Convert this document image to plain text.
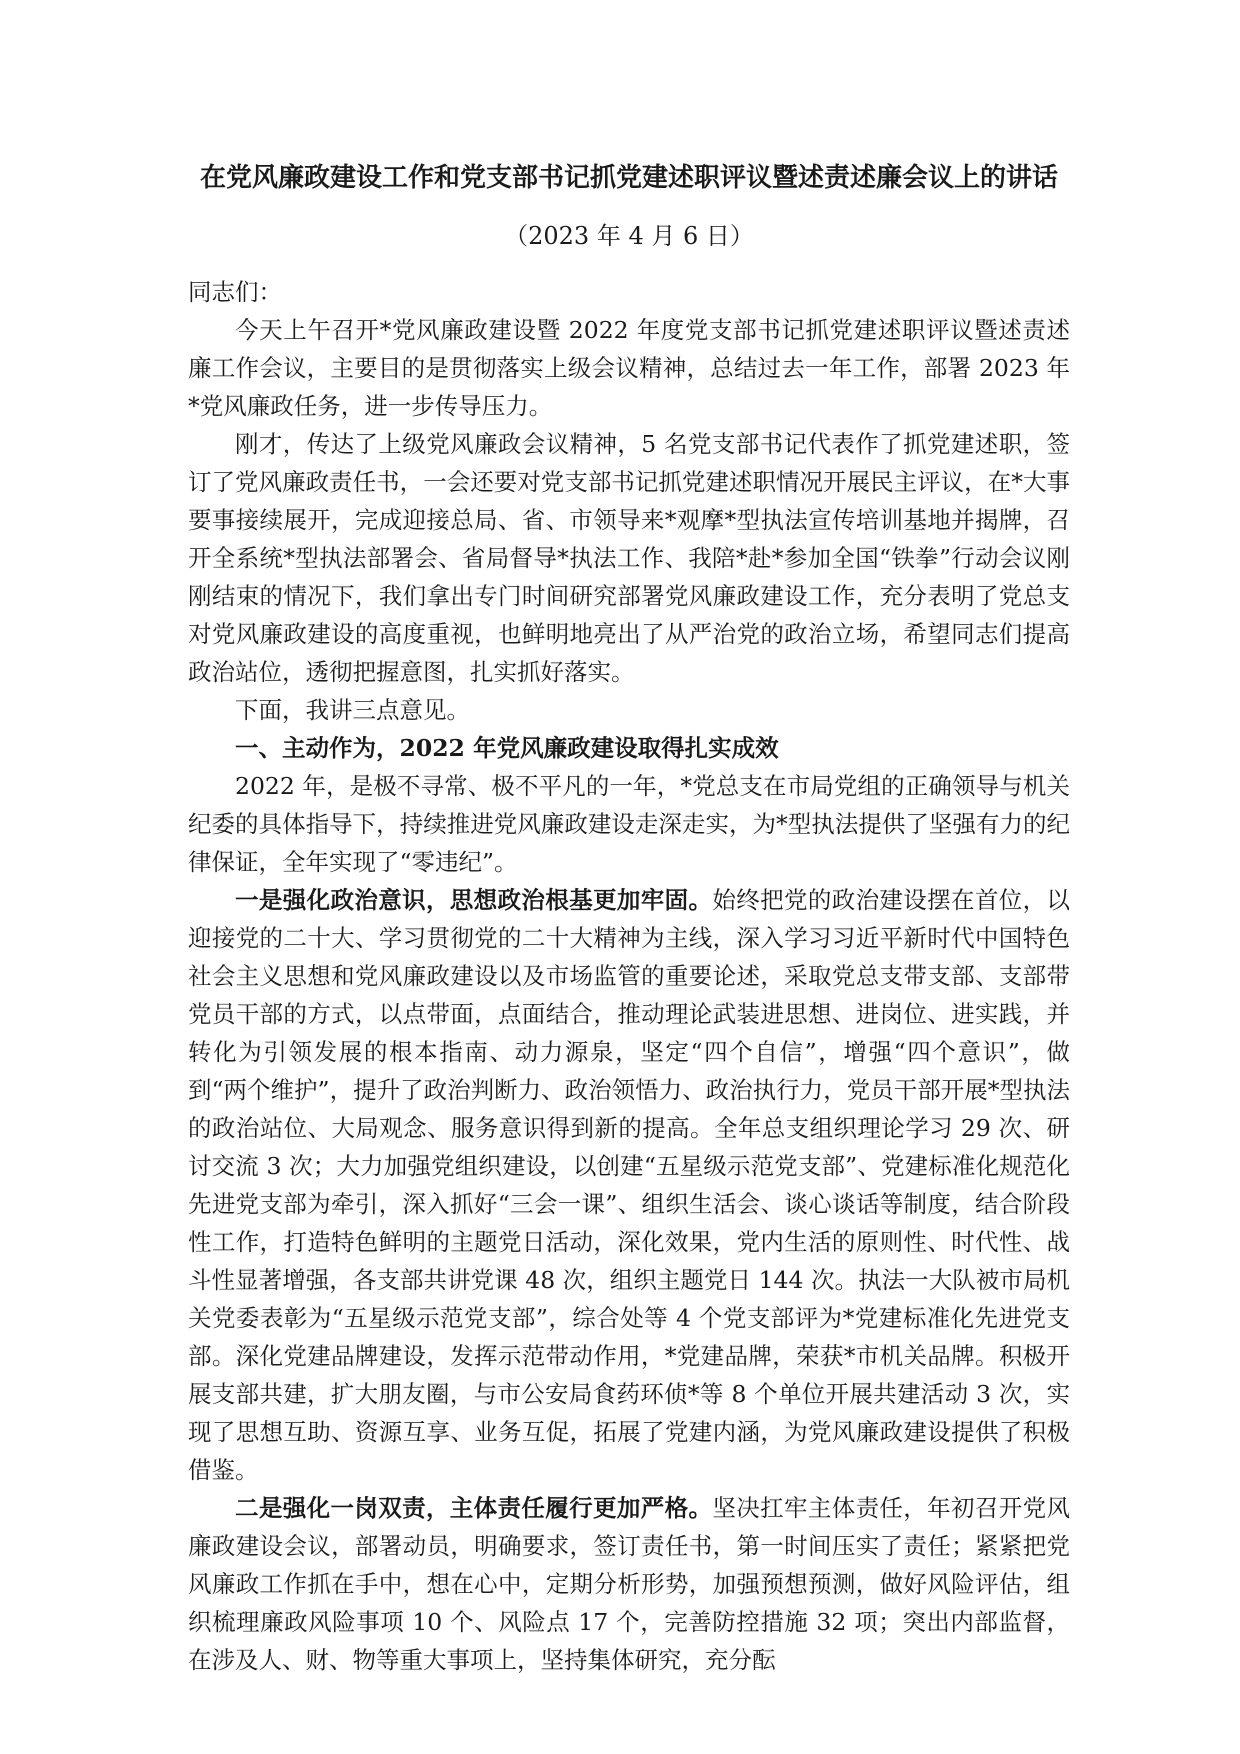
在党风廉政建设工作和党支部书记抓党建述职评议暨述责述廉会议上的讲话
（2023 年 4 月 6 日）

同志们：

今天上午召开*党风廉政建设暨 2022 年度党支部书记抓党建述职评议暨述责述廉工作会议，主要目的是贯彻落实上级会议精神，总结过去一年工作，部署 2023 年*党风廉政任务，进一步传导压力。

刚才，传达了上级党风廉政会议精神，5 名党支部书记代表作了抓党建述职，签订了党风廉政责任书，一会还要对党支部书记抓党建述职情况开展民主评议，在*大事要事接续展开，完成迎接总局、省、市领导来*观摩*型执法宣传培训基地并揭牌，召开全系统*型执法部署会、省局督导*执法工作、我陪*赴*参加全国“铁拳”行动会议刚刚结束的情况下，我们拿出专门时间研究部署党风廉政建设工作，充分表明了党总支对党风廉政建设的高度重视，也鲜明地亮出了从严治党的政治立场，希望同志们提高政治站位，透彻把握意图，扎实抓好落实。

下面，我讲三点意见。

一、主动作为，2022 年党风廉政建设取得扎实成效

2022 年，是极不寻常、极不平凡的一年，*党总支在市局党组的正确领导与机关纪委的具体指导下，持续推进党风廉政建设走深走实，为*型执法提供了坚强有力的纪律保证，全年实现了“零违纪”。

一是强化政治意识，思想政治根基更加牢固。始终把党的政治建设摆在首位，以迎接党的二十大、学习贯彻党的二十大精神为主线，深入学习习近平新时代中国特色社会主义思想和党风廉政建设以及市场监管的重要论述，采取党总支带支部、支部带党员干部的方式，以点带面，点面结合，推动理论武装进思想、进岗位、进实践，并转化为引领发展的根本指南、动力源泉，坚定“四个自信”，增强“四个意识”，做到“两个维护”，提升了政治判断力、政治领悟力、政治执行力，党员干部开展*型执法的政治站位、大局观念、服务意识得到新的提高。全年总支组织理论学习 29 次、研讨交流 3 次；大力加强党组织建设，以创建“五星级示范党支部”、党建标准化规范化先进党支部为牵引，深入抓好“三会一课”、组织生活会、谈心谈话等制度，结合阶段性工作，打造特色鲜明的主题党日活动，深化效果，党内生活的原则性、时代性、战斗性显著增强，各支部共讲党课 48 次，组织主题党日 144 次。执法一大队被市局机关党委表彰为“五星级示范党支部”，综合处等 4 个党支部评为*党建标准化先进党支部。深化党建品牌建设，发挥示范带动作用，*党建品牌，荣获*市机关品牌。积极开展支部共建，扩大朋友圈，与市公安局食药环侦*等 8 个单位开展共建活动 3 次，实现了思想互助、资源互享、业务互促，拓展了党建内涵，为党风廉政建设提供了积极借鉴。

二是强化一岗双责，主体责任履行更加严格。坚决扛牢主体责任，年初召开党风廉政建设会议，部署动员，明确要求，签订责任书，第一时间压实了责任；紧紧把党风廉政工作抓在手中，想在心中，定期分析形势，加强预想预测，做好风险评估，组织梳理廉政风险事项 10 个、风险点 17 个，完善防控措施 32 项；突出内部监督，在涉及人、财、物等重大事项上，坚持集体研究，充分酝
